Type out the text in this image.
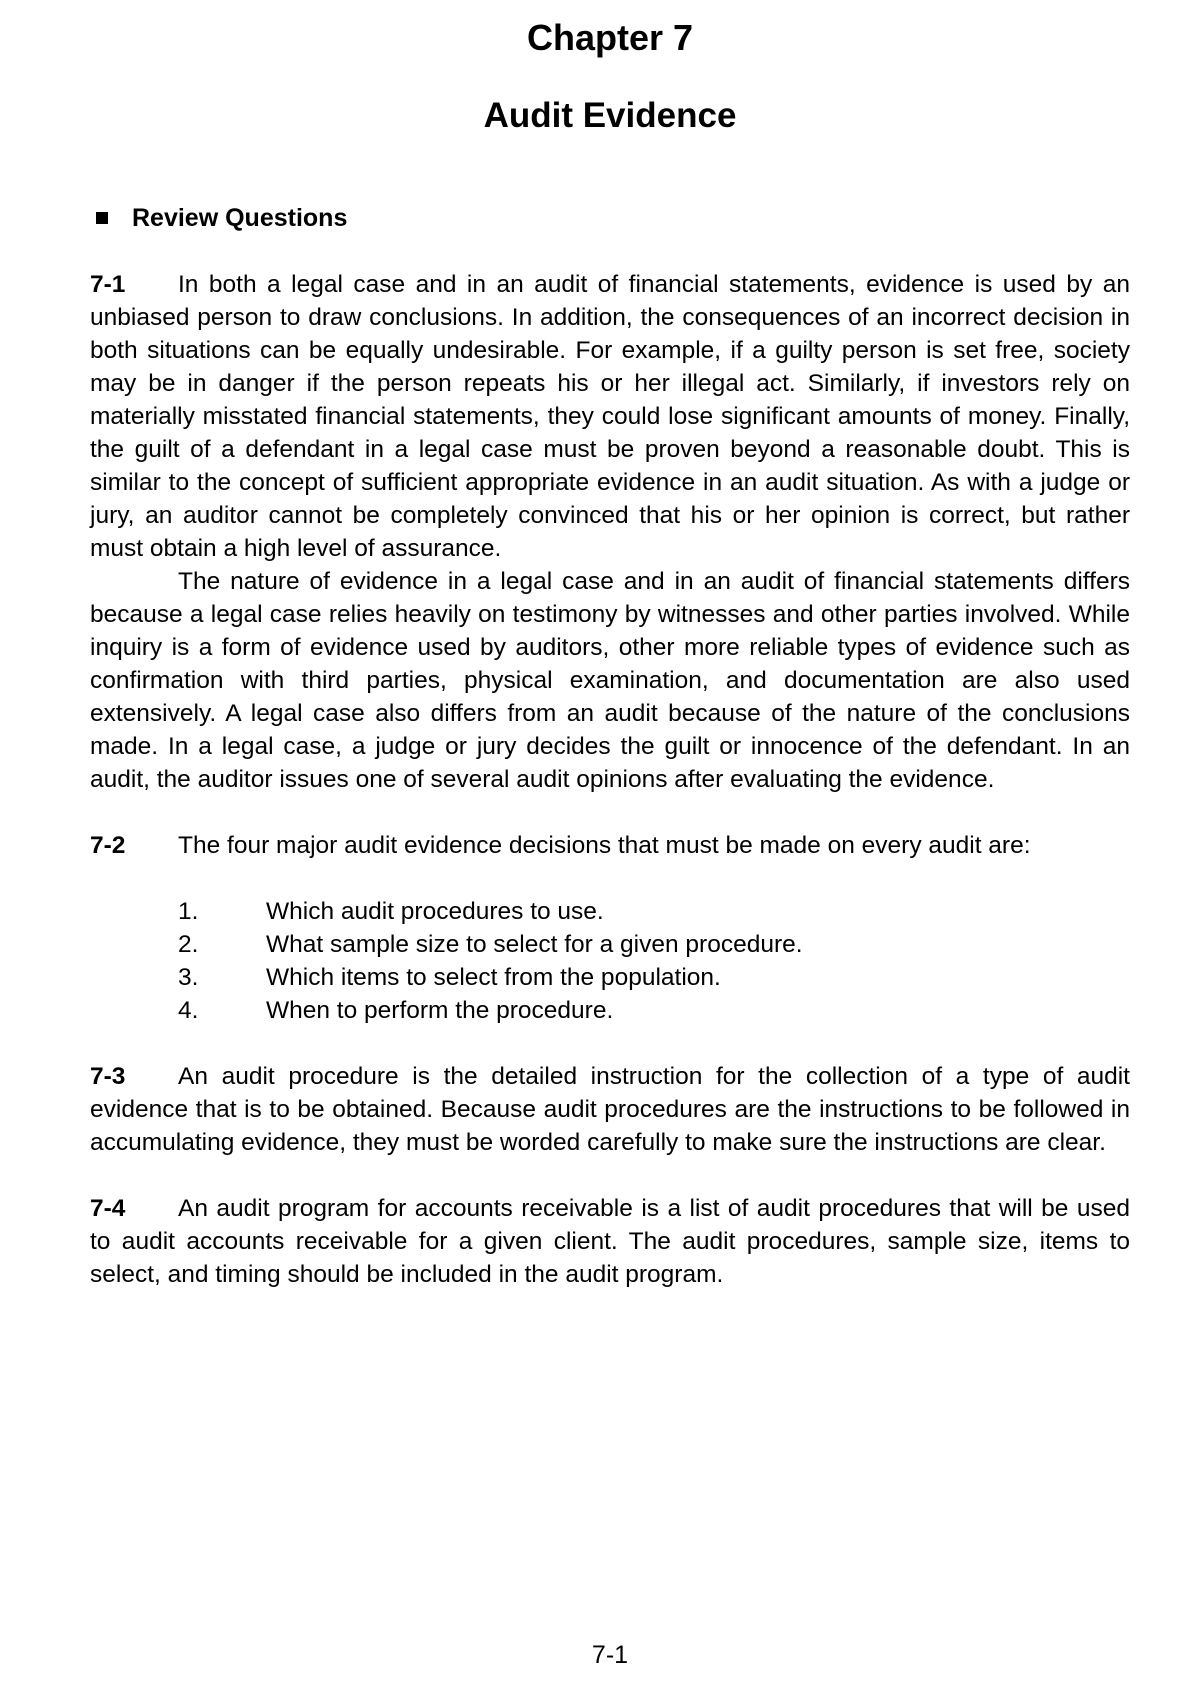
Chapter 7
Audit Evidence
Review Questions

7-1 In both a legal case and in an audit of financial statements, evidence is used by an unbiased person to draw conclusions. In addition, the consequences of an incorrect decision in both situations can be equally undesirable. For example, if a guilty person is set free, society may be in danger if the person repeats his or her illegal act. Similarly, if investors rely on materially misstated financial statements, they could lose significant amounts of money. Finally, the guilt of a defendant in a legal case must be proven beyond a reasonable doubt. This is similar to the concept of sufficient appropriate evidence in an audit situation. As with a judge or jury, an auditor cannot be completely convinced that his or her opinion is correct, but rather must obtain a high level of assurance.

The nature of evidence in a legal case and in an audit of financial statements differs because a legal case relies heavily on testimony by witnesses and other parties involved. While inquiry is a form of evidence used by auditors, other more reliable types of evidence such as confirmation with third parties, physical examination, and documentation are also used extensively. A legal case also differs from an audit because of the nature of the conclusions made. In a legal case, a judge or jury decides the guilt or innocence of the defendant. In an audit, the auditor issues one of several audit opinions after evaluating the evidence.

7-2 The four major audit evidence decisions that must be made on every audit are:

1.	Which audit procedures to use.
2.	What sample size to select for a given procedure.
3.	Which items to select from the population.
4.	When to perform the procedure.

7-3 An audit procedure is the detailed instruction for the collection of a type of audit evidence that is to be obtained. Because audit procedures are the instructions to be followed in accumulating evidence, they must be worded carefully to make sure the instructions are clear.

7-4 An audit program for accounts receivable is a list of audit procedures that will be used to audit accounts receivable for a given client. The audit procedures, sample size, items to select, and timing should be included in the audit program.

7-1
